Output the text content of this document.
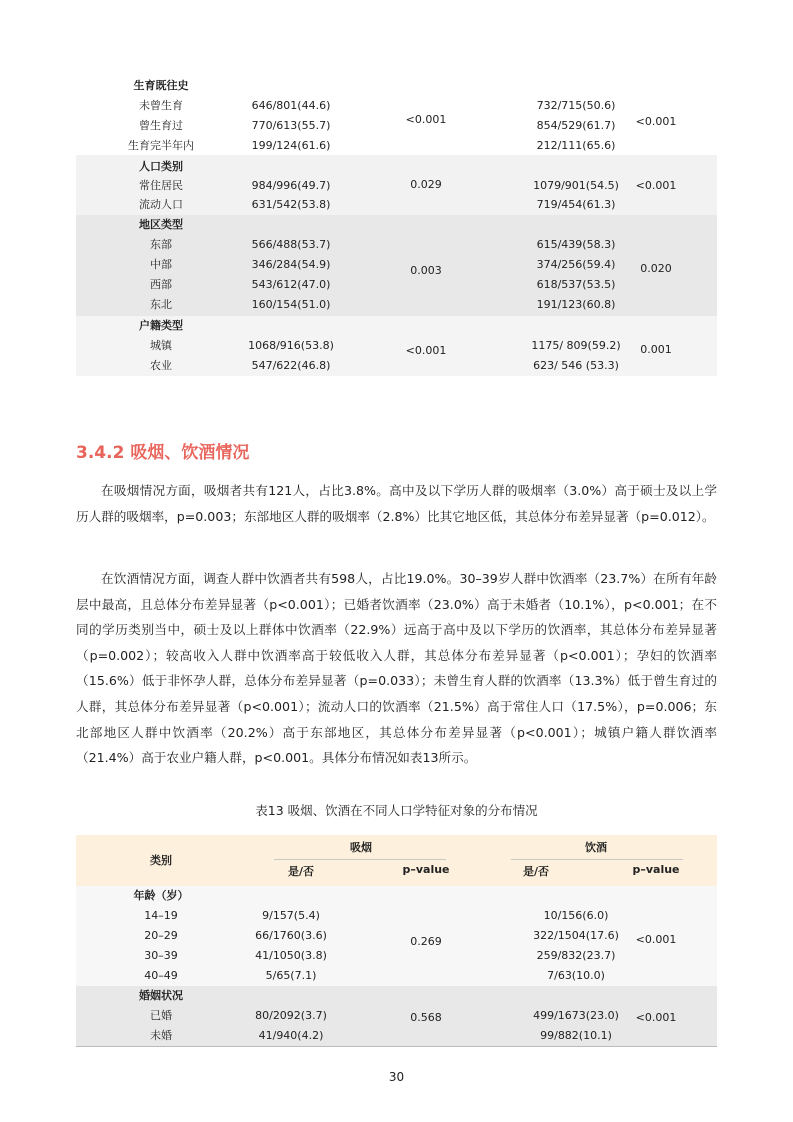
生育既往史
未曾生育	646/801(44.6)	732/715(50.6)
曾生育过	770/613(55.7)	854/529(61.7)
生育完半年内	199/124(61.6)	212/111(65.6)
<0.001	<0.001
人口类别
常住居民	984/996(49.7)	1079/901(54.5)
流动人口	631/542(53.8)	719/454(61.3)
0.029	<0.001
地区类型
东部	566/488(53.7)	615/439(58.3)
中部	346/284(54.9)	374/256(59.4)
西部	543/612(47.0)	618/537(53.5)
东北	160/154(51.0)	191/123(60.8)
0.003	0.020
户籍类型
城镇	1068/916(53.8)	1175/ 809(59.2)
农业	547/622(46.8)	623/ 546 (53.3)
<0.001	0.001
3.4.2 吸烟、饮酒情况

在吸烟情况方面，吸烟者共有121人，占比3.8%。高中及以下学历人群的吸烟率（3.0%）高于硕士及以上学历人群的吸烟率，p=0.003；东部地区人群的吸烟率（2.8%）比其它地区低，其总体分布差异显著（p=0.012）。

在饮酒情况方面，调查人群中饮酒者共有598人，占比19.0%。30–39岁人群中饮酒率（23.7%）在所有年龄层中最高，且总体分布差异显著（p<0.001）；已婚者饮酒率（23.0%）高于未婚者（10.1%），p<0.001；在不同的学历类别当中，硕士及以上群体中饮酒率（22.9%）远高于高中及以下学历的饮酒率，其总体分布差异显著（p=0.002）；较高收入人群中饮酒率高于较低收入人群，其总体分布差异显著（p<0.001）；孕妇的饮酒率（15.6%）低于非怀孕人群，总体分布差异显著（p=0.033）；未曾生育人群的饮酒率（13.3%）低于曾生育过的人群，其总体分布差异显著（p<0.001）；流动人口的饮酒率（21.5%）高于常住人口（17.5%），p=0.006；东北部地区人群中饮酒率（20.2%）高于东部地区，其总体分布差异显著（p<0.001）；城镇户籍人群饮酒率（21.4%）高于农业户籍人群，p<0.001。具体分布情况如表13所示。

表13 吸烟、饮酒在不同人口学特征对象的分布情况

类别
吸烟	饮酒
是/否	p–value	是/否	p–value
年龄（岁）
14–19	9/157(5.4)	10/156(6.0)
20–29	66/1760(3.6)	322/1504(17.6)
30–39	41/1050(3.8)	259/832(23.7)
40–49	5/65(7.1)	7/63(10.0)
0.269	<0.001
婚姻状况
已婚	80/2092(3.7)	499/1673(23.0)
未婚	41/940(4.2)	99/882(10.1)
0.568	<0.001

30
